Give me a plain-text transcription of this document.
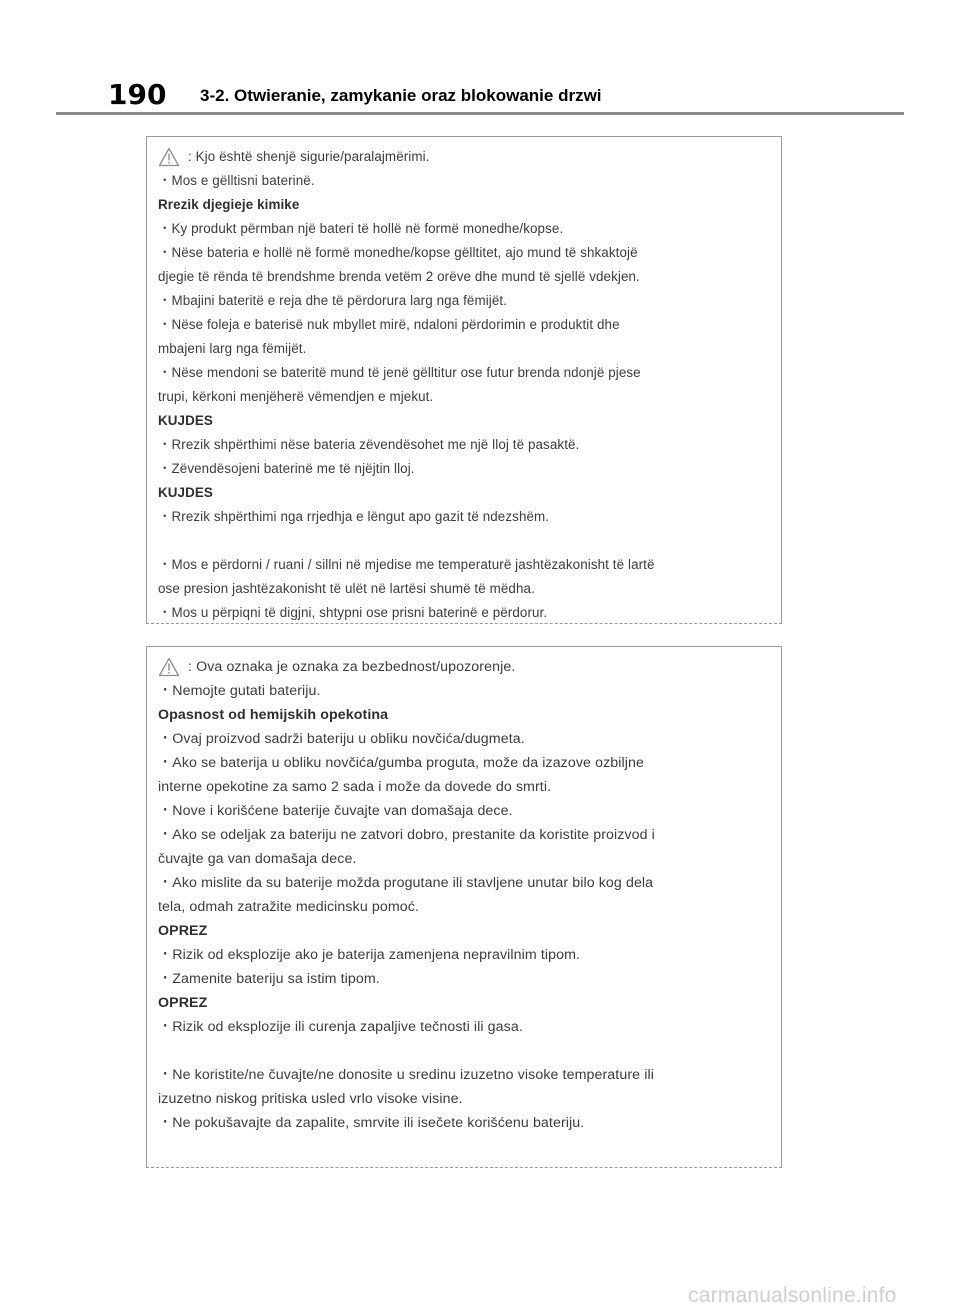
190 3-2. Otwieranie, zamykanie oraz blokowanie drzwi
: Kjo është shenjë sigurie/paralajmërimi.
・Mos e gëlltisni baterinë.
Rrezik djegieje kimike
・Ky produkt përmban një bateri të hollë në formë monedhe/kopse.
・Nëse bateria e hollë në formë monedhe/kopse gëlltitet, ajo mund të shkaktojë
djegie të rënda të brendshme brenda vetëm 2 orëve dhe mund të sjellë vdekjen.
・Mbajini bateritë e reja dhe të përdorura larg nga fëmijët.
・Nëse foleja e baterisë nuk mbyllet mirë, ndaloni përdorimin e produktit dhe
mbajeni larg nga fëmijët.
・Nëse mendoni se bateritë mund të jenë gëlltitur ose futur brenda ndonjë pjese
trupi, kërkoni menjëherë vëmendjen e mjekut.
KUJDES
・Rrezik shpërthimi nëse bateria zëvendësohet me një lloj të pasaktë.
・Zëvendësojeni baterinë me të njëjtin lloj.
KUJDES
・Rrezik shpërthimi nga rrjedhja e lëngut apo gazit të ndezshëm.
・Mos e përdorni / ruani / sillni në mjedise me temperaturë jashtëzakonisht të lartë
ose presion jashtëzakonisht të ulët në lartësi shumë të mëdha.
・Mos u përpiqni të digjni, shtypni ose prisni baterinë e përdorur.
: Ova oznaka je oznaka za bezbednost/upozorenje.
・Nemojte gutati bateriju.
Opasnost od hemijskih opekotina
・Ovaj proizvod sadrži bateriju u obliku novčića/dugmeta.
・Ako se baterija u obliku novčića/gumba proguta, može da izazove ozbiljne
interne opekotine za samo 2 sada i može da dovede do smrti.
・Nove i korišćene baterije čuvajte van domašaja dece.
・Ako se odeljak za bateriju ne zatvori dobro, prestanite da koristite proizvod i
čuvajte ga van domašaja dece.
・Ako mislite da su baterije možda progutane ili stavljene unutar bilo kog dela
tela, odmah zatražite medicinsku pomoć.
OPREZ
・Rizik od eksplozije ako je baterija zamenjena nepravilnim tipom.
・Zamenite bateriju sa istim tipom.
OPREZ
・Rizik od eksplozije ili curenja zapaljive tečnosti ili gasa.
・Ne koristite/ne čuvajte/ne donosite u sredinu izuzetno visoke temperature ili
izuzetno niskog pritiska usled vrlo visoke visine.
・Ne pokušavajte da zapalite, smrvite ili isečete korišćenu bateriju.
carmanualsonline.info
